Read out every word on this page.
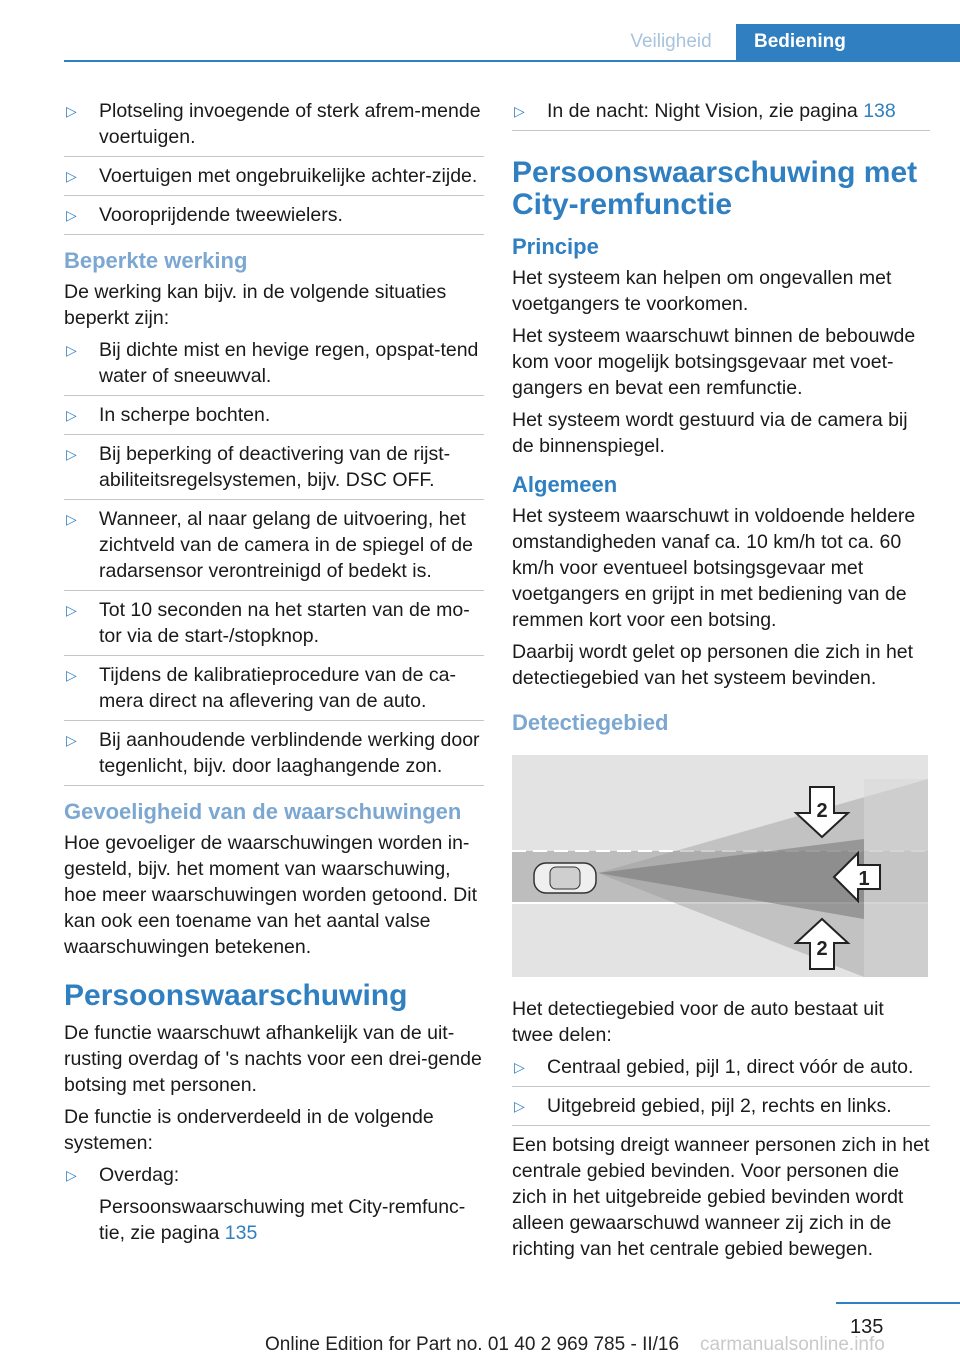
Veiligheid	Bediening
▷ Plotseling invoegende of sterk afrem‐mende voertuigen.
▷ Voertuigen met ongebruikelijke achter‐zijde.
▷ Vooroprijdende tweewielers.
Beperkte werking

De werking kan bijv. in de volgende situaties beperkt zijn:

▷ Bij dichte mist en hevige regen, opspat‐tend water of sneeuwval.
▷ In scherpe bochten.
▷ Bij beperking of deactivering van de rijst‐abiliteitsregelsystemen, bijv. DSC OFF.
▷ Wanneer, al naar gelang de uitvoering, het zichtveld van de camera in de spiegel of de radarsensor verontreinigd of bedekt is.
▷ Tot 10 seconden na het starten van de mo‐tor via de start-/stopknop.
▷ Tijdens de kalibratieprocedure van de ca‐mera direct na aflevering van de auto.
▷ Bij aanhoudende verblindende werking door tegenlicht, bijv. door laaghangende zon.
Gevoeligheid van de waarschuwingen

Hoe gevoeliger de waarschuwingen worden in‐gesteld, bijv. het moment van waarschuwing, hoe meer waarschuwingen worden getoond. Dit kan ook een toename van het aantal valse waarschuwingen betekenen.

Persoonswaarschuwing

De functie waarschuwt afhankelijk van de uit‐rusting overdag of 's nachts voor een drei‐gende botsing met personen.

De functie is onderverdeeld in de volgende systemen:

▷ Overdag:
Persoonswaarschuwing met City-remfunc‐tie, zie pagina 135
▷ In de nacht: Night Vision, zie pagina 138
Persoonswaarschuwing met City-remfunctie
Principe

Het systeem kan helpen om ongevallen met voetgangers te voorkomen.

Het systeem waarschuwt binnen de bebouwde kom voor mogelijk botsingsgevaar met voet‐gangers en bevat een remfunctie.

Het systeem wordt gestuurd via de camera bij de binnenspiegel.

Algemeen

Het systeem waarschuwt in voldoende heldere omstandigheden vanaf ca. 10 km/h tot ca. 60 km/h voor eventueel botsingsgevaar met voetgangers en grijpt in met bediening van de remmen kort voor een botsing.

Daarbij wordt gelet op personen die zich in het detectiegebied van het systeem bevinden.

Detectiegebied
2
1
2

Het detectiegebied voor de auto bestaat uit twee delen:

▷ Centraal gebied, pijl 1, direct vóór de auto.
▷ Uitgebreid gebied, pijl 2, rechts en links.

Een botsing dreigt wanneer personen zich in het centrale gebied bevinden. Voor personen die zich in het uitgebreide gebied bevinden wordt alleen gewaarschuwd wanneer zij zich in de richting van het centrale gebied bewegen.

135
Online Edition for Part no. 01 40 2 969 785 - II/16 carmanualsonline.info
